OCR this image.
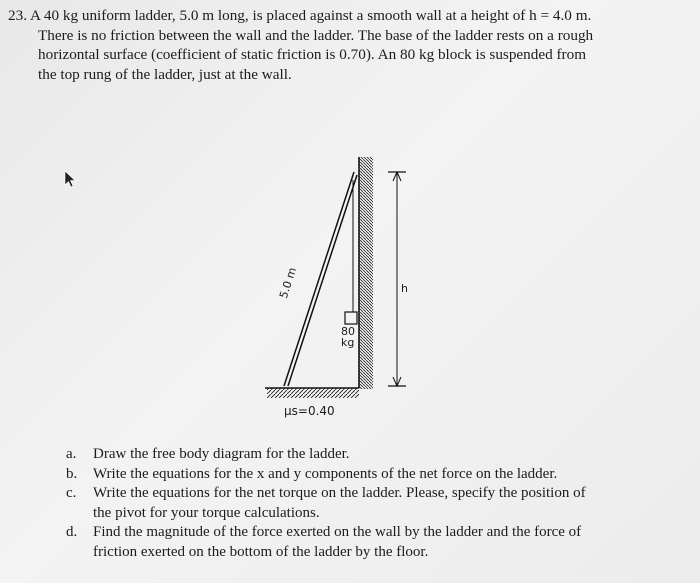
23. A 40 kg uniform ladder, 5.0 m long, is placed against a smooth wall at a height of h = 4.0 m.
There is no friction between the wall and the ladder. The base of the ladder rests on a rough
horizontal surface (coefficient of static friction is 0.70). An 80 kg block is suspended from
the top rung of the ladder, just at the wall.
5.0 m	h
80
kg
μs=0.40
a. Draw the free body diagram for the ladder.
b. Write the equations for the x and y components of the net force on the ladder.
c. Write the equations for the net torque on the ladder. Please, specify the position of
the pivot for your torque calculations.
d. Find the magnitude of the force exerted on the wall by the ladder and the force of
friction exerted on the bottom of the ladder by the floor.
